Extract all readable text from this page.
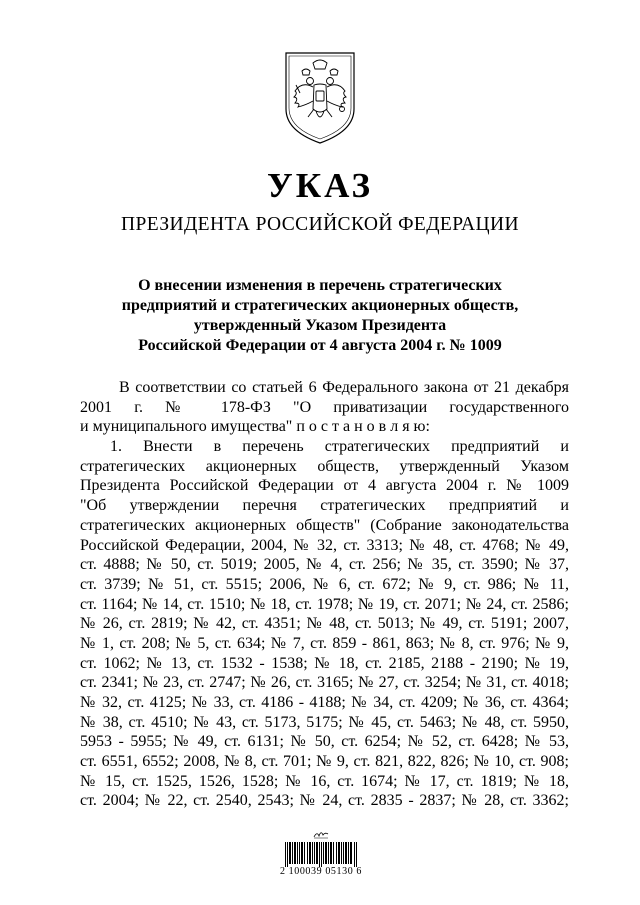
УКАЗ
ПРЕЗИДЕНТА РОССИЙСКОЙ ФЕДЕРАЦИИ
О внесении изменения в перечень стратегических
предприятий и стратегических акционерных обществ,
утвержденный Указом Президента
Российской Федерации от 4 августа 2004 г. № 1009
В соответствии со статьей 6 Федерального закона от 21 декабря
2001 г. № 178-ФЗ "О приватизации государственного
и муниципального имущества" п о с т а н о в л я ю:
1. Внести в перечень стратегических предприятий и
стратегических акционерных обществ, утвержденный Указом
Президента Российской Федерации от 4 августа 2004 г. № 1009
"Об утверждении перечня стратегических предприятий и
стратегических акционерных обществ" (Собрание законодательства
Российской Федерации, 2004, № 32, ст. 3313; № 48, ст. 4768; № 49,
ст. 4888; № 50, ст. 5019; 2005, № 4, ст. 256; № 35, ст. 3590; № 37,
ст. 3739; № 51, ст. 5515; 2006, № 6, ст. 672; № 9, ст. 986; № 11,
ст. 1164; № 14, ст. 1510; № 18, ст. 1978; № 19, ст. 2071; № 24, ст. 2586;
№ 26, ст. 2819; № 42, ст. 4351; № 48, ст. 5013; № 49, ст. 5191; 2007,
№ 1, ст. 208; № 5, ст. 634; № 7, ст. 859 - 861, 863; № 8, ст. 976; № 9,
ст. 1062; № 13, ст. 1532 - 1538; № 18, ст. 2185, 2188 - 2190; № 19,
ст. 2341; № 23, ст. 2747; № 26, ст. 3165; № 27, ст. 3254; № 31, ст. 4018;
№ 32, ст. 4125; № 33, ст. 4186 - 4188; № 34, ст. 4209; № 36, ст. 4364;
№ 38, ст. 4510; № 43, ст. 5173, 5175; № 45, ст. 5463; № 48, ст. 5950,
5953 - 5955; № 49, ст. 6131; № 50, ст. 6254; № 52, ст. 6428; № 53,
ст. 6551, 6552; 2008, № 8, ст. 701; № 9, ст. 821, 822, 826; № 10, ст. 908;
№ 15, ст. 1525, 1526, 1528; № 16, ст. 1674; № 17, ст. 1819; № 18,
ст. 2004; № 22, ст. 2540, 2543; № 24, ст. 2835 - 2837; № 28, ст. 3362;
2 100039 05130 6
